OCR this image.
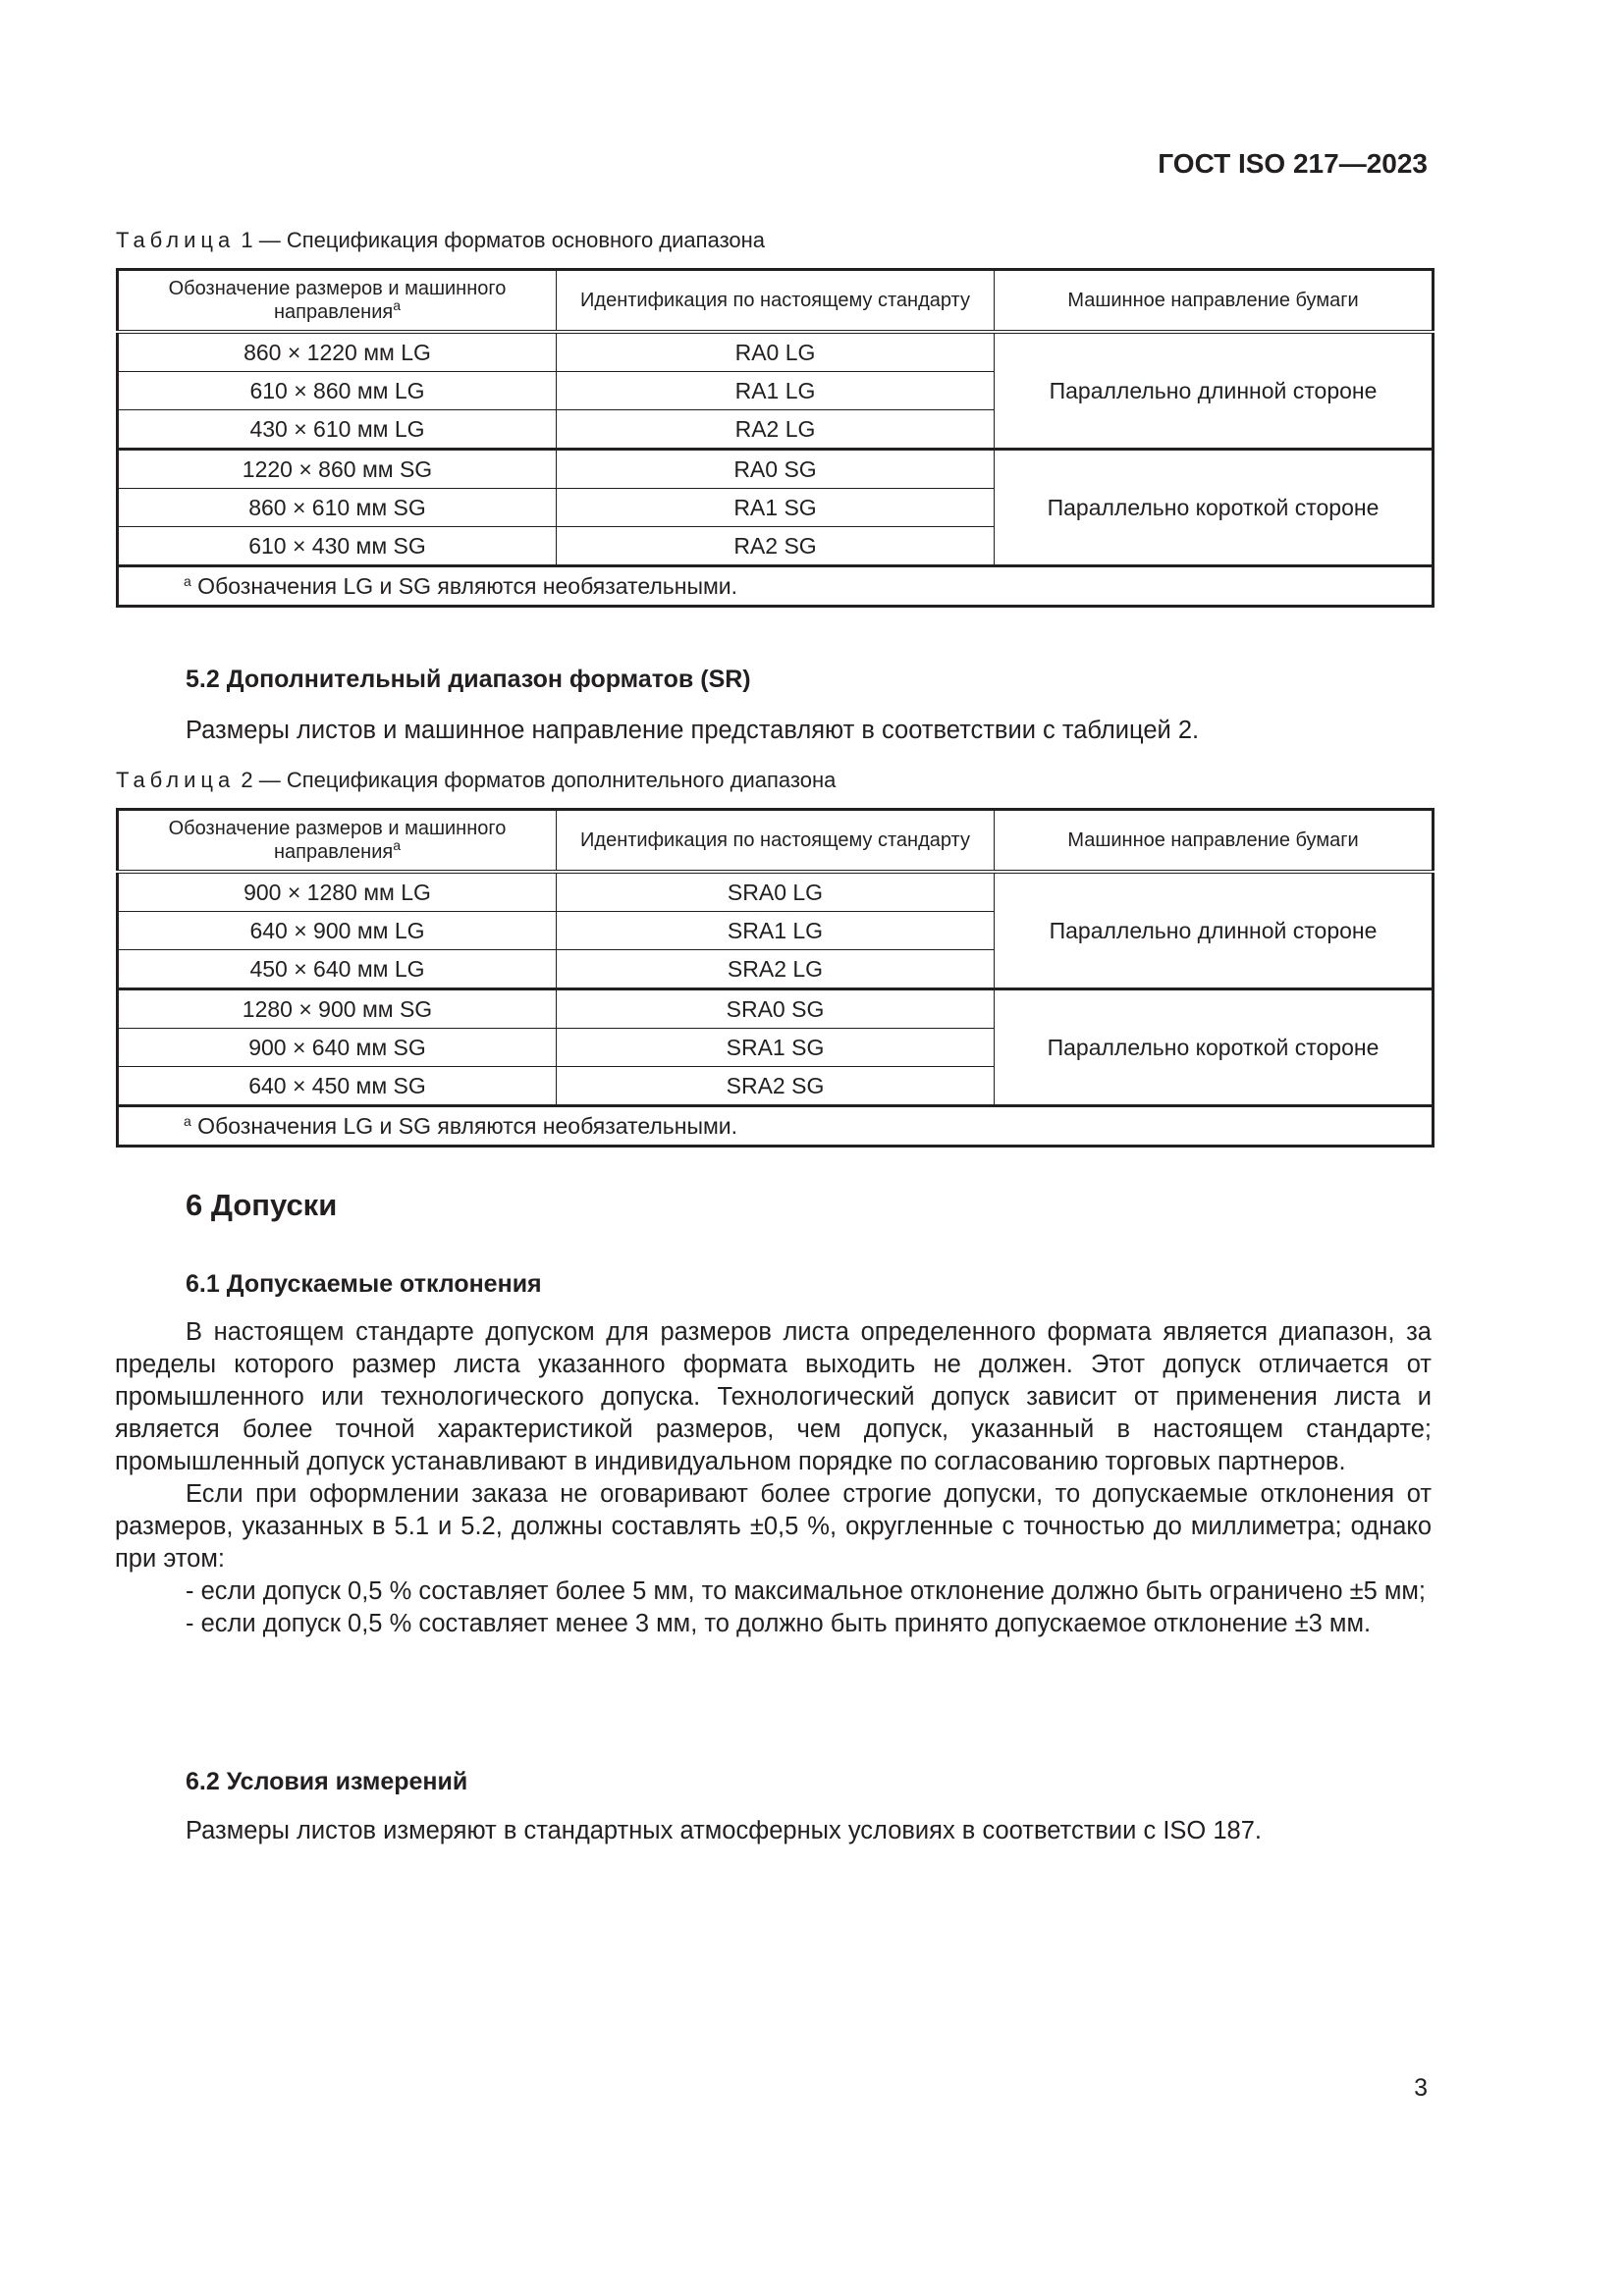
ГОСТ ISO 217—2023
Таблица 1 — Спецификация форматов основного диапазона
Обозначение размеров и машинного направления$^a$	Идентификация по настоящему стандарту	Машинное направление бумаги
860 × 1220 мм LG	RA0 LG	Параллельно длинной стороне
610 × 860 мм LG	RA1 LG	
430 × 610 мм LG	RA2 LG	
1220 × 860 мм SG	RA0 SG	Параллельно короткой стороне
860 × 610 мм SG	RA1 SG	
610 × 430 мм SG	RA2 SG	
$^a$ Обозначения LG и SG являются необязательными.		
5.2 Дополнительный диапазон форматов (SR)
Размеры листов и машинное направление представляют в соответствии с таблицей 2.
Таблица 2 — Спецификация форматов дополнительного диапазона
Обозначение размеров и машинного направления$^a$	Идентификация по настоящему стандарту	Машинное направление бумаги
900 × 1280 мм LG	SRA0 LG	Параллельно длинной стороне
640 × 900 мм LG	SRA1 LG	
450 × 640 мм LG	SRA2 LG	
1280 × 900 мм SG	SRA0 SG	Параллельно короткой стороне
900 × 640 мм SG	SRA1 SG	
640 × 450 мм SG	SRA2 SG	
$^a$ Обозначения LG и SG являются необязательными.		
6 Допуски
6.1 Допускаемые отклонения

В настоящем стандарте допуском для размеров листа определенного формата является диапазон, за пределы которого размер листа указанного формата выходить не должен. Этот допуск отличается от промышленного или технологического допуска. Технологический допуск зависит от применения листа и является более точной характеристикой размеров, чем допуск, указанный в настоящем стандарте; промышленный допуск устанавливают в индивидуальном порядке по согласованию торговых партнеров.

Если при оформлении заказа не оговаривают более строгие допуски, то допускаемые отклонения от размеров, указанных в 5.1 и 5.2, должны составлять ±0,5 %, округленные с точностью до миллиметра; однако при этом:

- если допуск 0,5 % составляет более 5 мм, то максимальное отклонение должно быть ограничено ±5 мм;

- если допуск 0,5 % составляет менее 3 мм, то должно быть принято допускаемое отклонение ±3 мм.

6.2 Условия измерений
Размеры листов измеряют в стандартных атмосферных условиях в соответствии с ISO 187.
3
